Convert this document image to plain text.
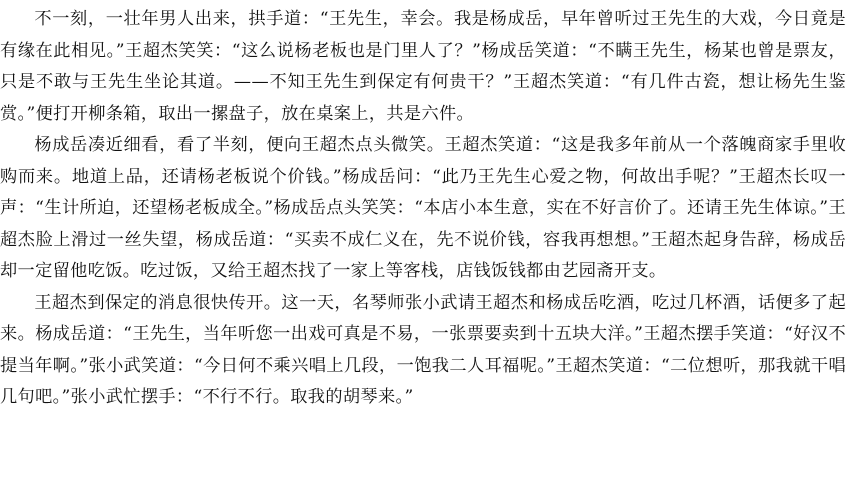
不一刻，一壮年男人出来，拱手道：“王先生，幸会。我是杨成岳，早年曾听过王先生的大戏，今日竟是有缘在此相见。”王超杰笑笑：“这么说杨老板也是门里人了？”杨成岳笑道：“不瞒王先生，杨某也曾是票友，只是不敢与王先生坐论其道。——不知王先生到保定有何贵干？”王超杰笑道：“有几件古瓷，想让杨先生鉴赏。”便打开柳条箱，取出一摞盘子，放在桌案上，共是六件。

杨成岳凑近细看，看了半刻，便向王超杰点头微笑。王超杰笑道：“这是我多年前从一个落魄商家手里收购而来。地道上品，还请杨老板说个价钱。”杨成岳问：“此乃王先生心爱之物，何故出手呢？”王超杰长叹一声：“生计所迫，还望杨老板成全。”杨成岳点头笑笑：“本店小本生意，实在不好言价了。还请王先生体谅。”王超杰脸上滑过一丝失望，杨成岳道：“买卖不成仁义在，先不说价钱，容我再想想。”王超杰起身告辞，杨成岳却一定留他吃饭。吃过饭，又给王超杰找了一家上等客栈，店钱饭钱都由艺园斋开支。

王超杰到保定的消息很快传开。这一天，名琴师张小武请王超杰和杨成岳吃酒，吃过几杯酒，话便多了起来。杨成岳道：“王先生，当年听您一出戏可真是不易，一张票要卖到十五块大洋。”王超杰摆手笑道：“好汉不提当年啊。”张小武笑道：“今日何不乘兴唱上几段，一饱我二人耳福呢。”王超杰笑道：“二位想听，那我就干唱几句吧。”张小武忙摆手：“不行不行。取我的胡琴来。”
